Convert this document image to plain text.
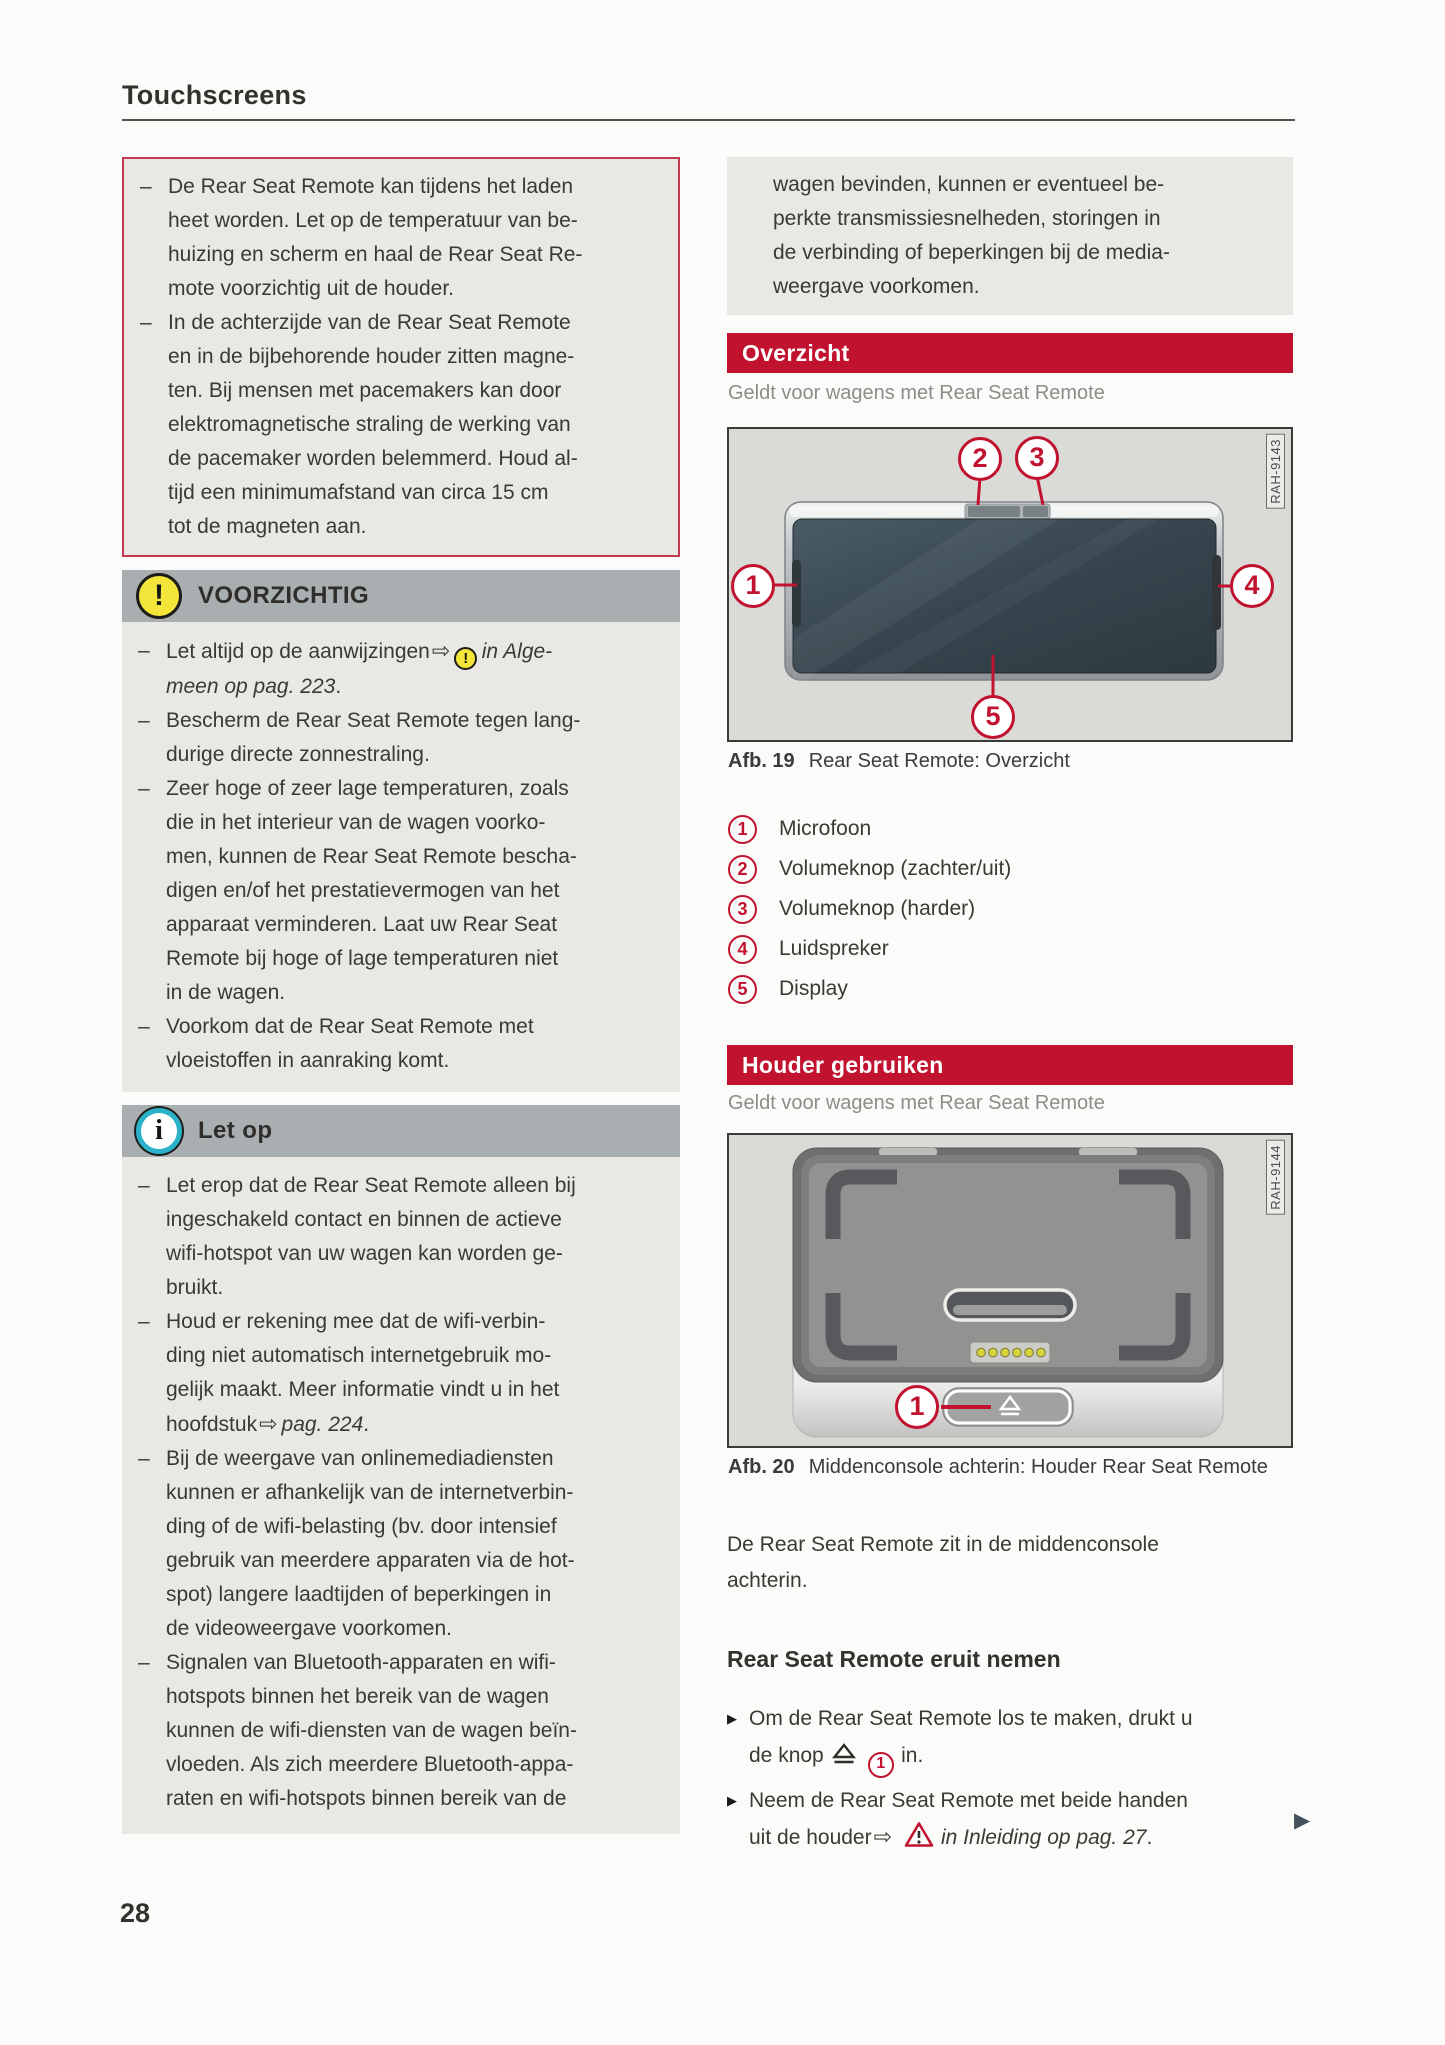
Touchscreens
– De Rear Seat Remote kan tijdens het laden
heet worden. Let op de temperatuur van be-
huizing en scherm en haal de Rear Seat Re-
mote voorzichtig uit de houder.
– In de achterzijde van de Rear Seat Remote
en in de bijbehorende houder zitten magne-
ten. Bij mensen met pacemakers kan door
elektromagnetische straling de werking van
de pacemaker worden belemmerd. Houd al-
tijd een minimumafstand van circa 15 cm
tot de magneten aan.
! VOORZICHTIG
– Let altijd op de aanwijzingen⇨ ! in Alge-
meen op pag. 223.
– Bescherm de Rear Seat Remote tegen lang-
durige directe zonnestraling.
– Zeer hoge of zeer lage temperaturen, zoals
die in het interieur van de wagen voorko-
men, kunnen de Rear Seat Remote bescha-
digen en/of het prestatievermogen van het
apparaat verminderen. Laat uw Rear Seat
Remote bij hoge of lage temperaturen niet
in de wagen.
– Voorkom dat de Rear Seat Remote met
vloeistoffen in aanraking komt.
i Let op
– Let erop dat de Rear Seat Remote alleen bij
ingeschakeld contact en binnen de actieve
wifi-hotspot van uw wagen kan worden ge-
bruikt.
– Houd er rekening mee dat de wifi-verbin-
ding niet automatisch internetgebruik mo-
gelijk maakt. Meer informatie vindt u in het
hoofdstuk⇨ pag. 224.
– Bij de weergave van onlinemediadiensten
kunnen er afhankelijk van de internetverbin-
ding of de wifi-belasting (bv. door intensief
gebruik van meerdere apparaten via de hot-
spot) langere laadtijden of beperkingen in
de videoweergave voorkomen.
– Signalen van Bluetooth-apparaten en wifi-
hotspots binnen het bereik van de wagen
kunnen de wifi-diensten van de wagen beïn-
vloeden. Als zich meerdere Bluetooth-appa-
raten en wifi-hotspots binnen bereik van de
28
wagen bevinden, kunnen er eventueel be-
perkte transmissiesnelheden, storingen in
de verbinding of beperkingen bij de media-
weergave voorkomen.
Overzicht
Geldt voor wagens met Rear Seat Remote
1
2	3
4
5
RAH-9143
Afb. 19 Rear Seat Remote: Overzicht
1	Microfoon
2	Volumeknop (zachter/uit)
3	Volumeknop (harder)
4	Luidspreker
5	Display
Houder gebruiken
Geldt voor wagens met Rear Seat Remote
1
RAH-9144
Afb. 20 Middenconsole achterin: Houder Rear Seat Remote
De Rear Seat Remote zit in de middenconsole
achterin.
Rear Seat Remote eruit nemen
▶ Om de Rear Seat Remote los te maken, drukt u
de knop	1 in.
▶ Neem de Rear Seat Remote met beide handen
uit de houder⇨ in Inleiding op pag. 27.
▶
